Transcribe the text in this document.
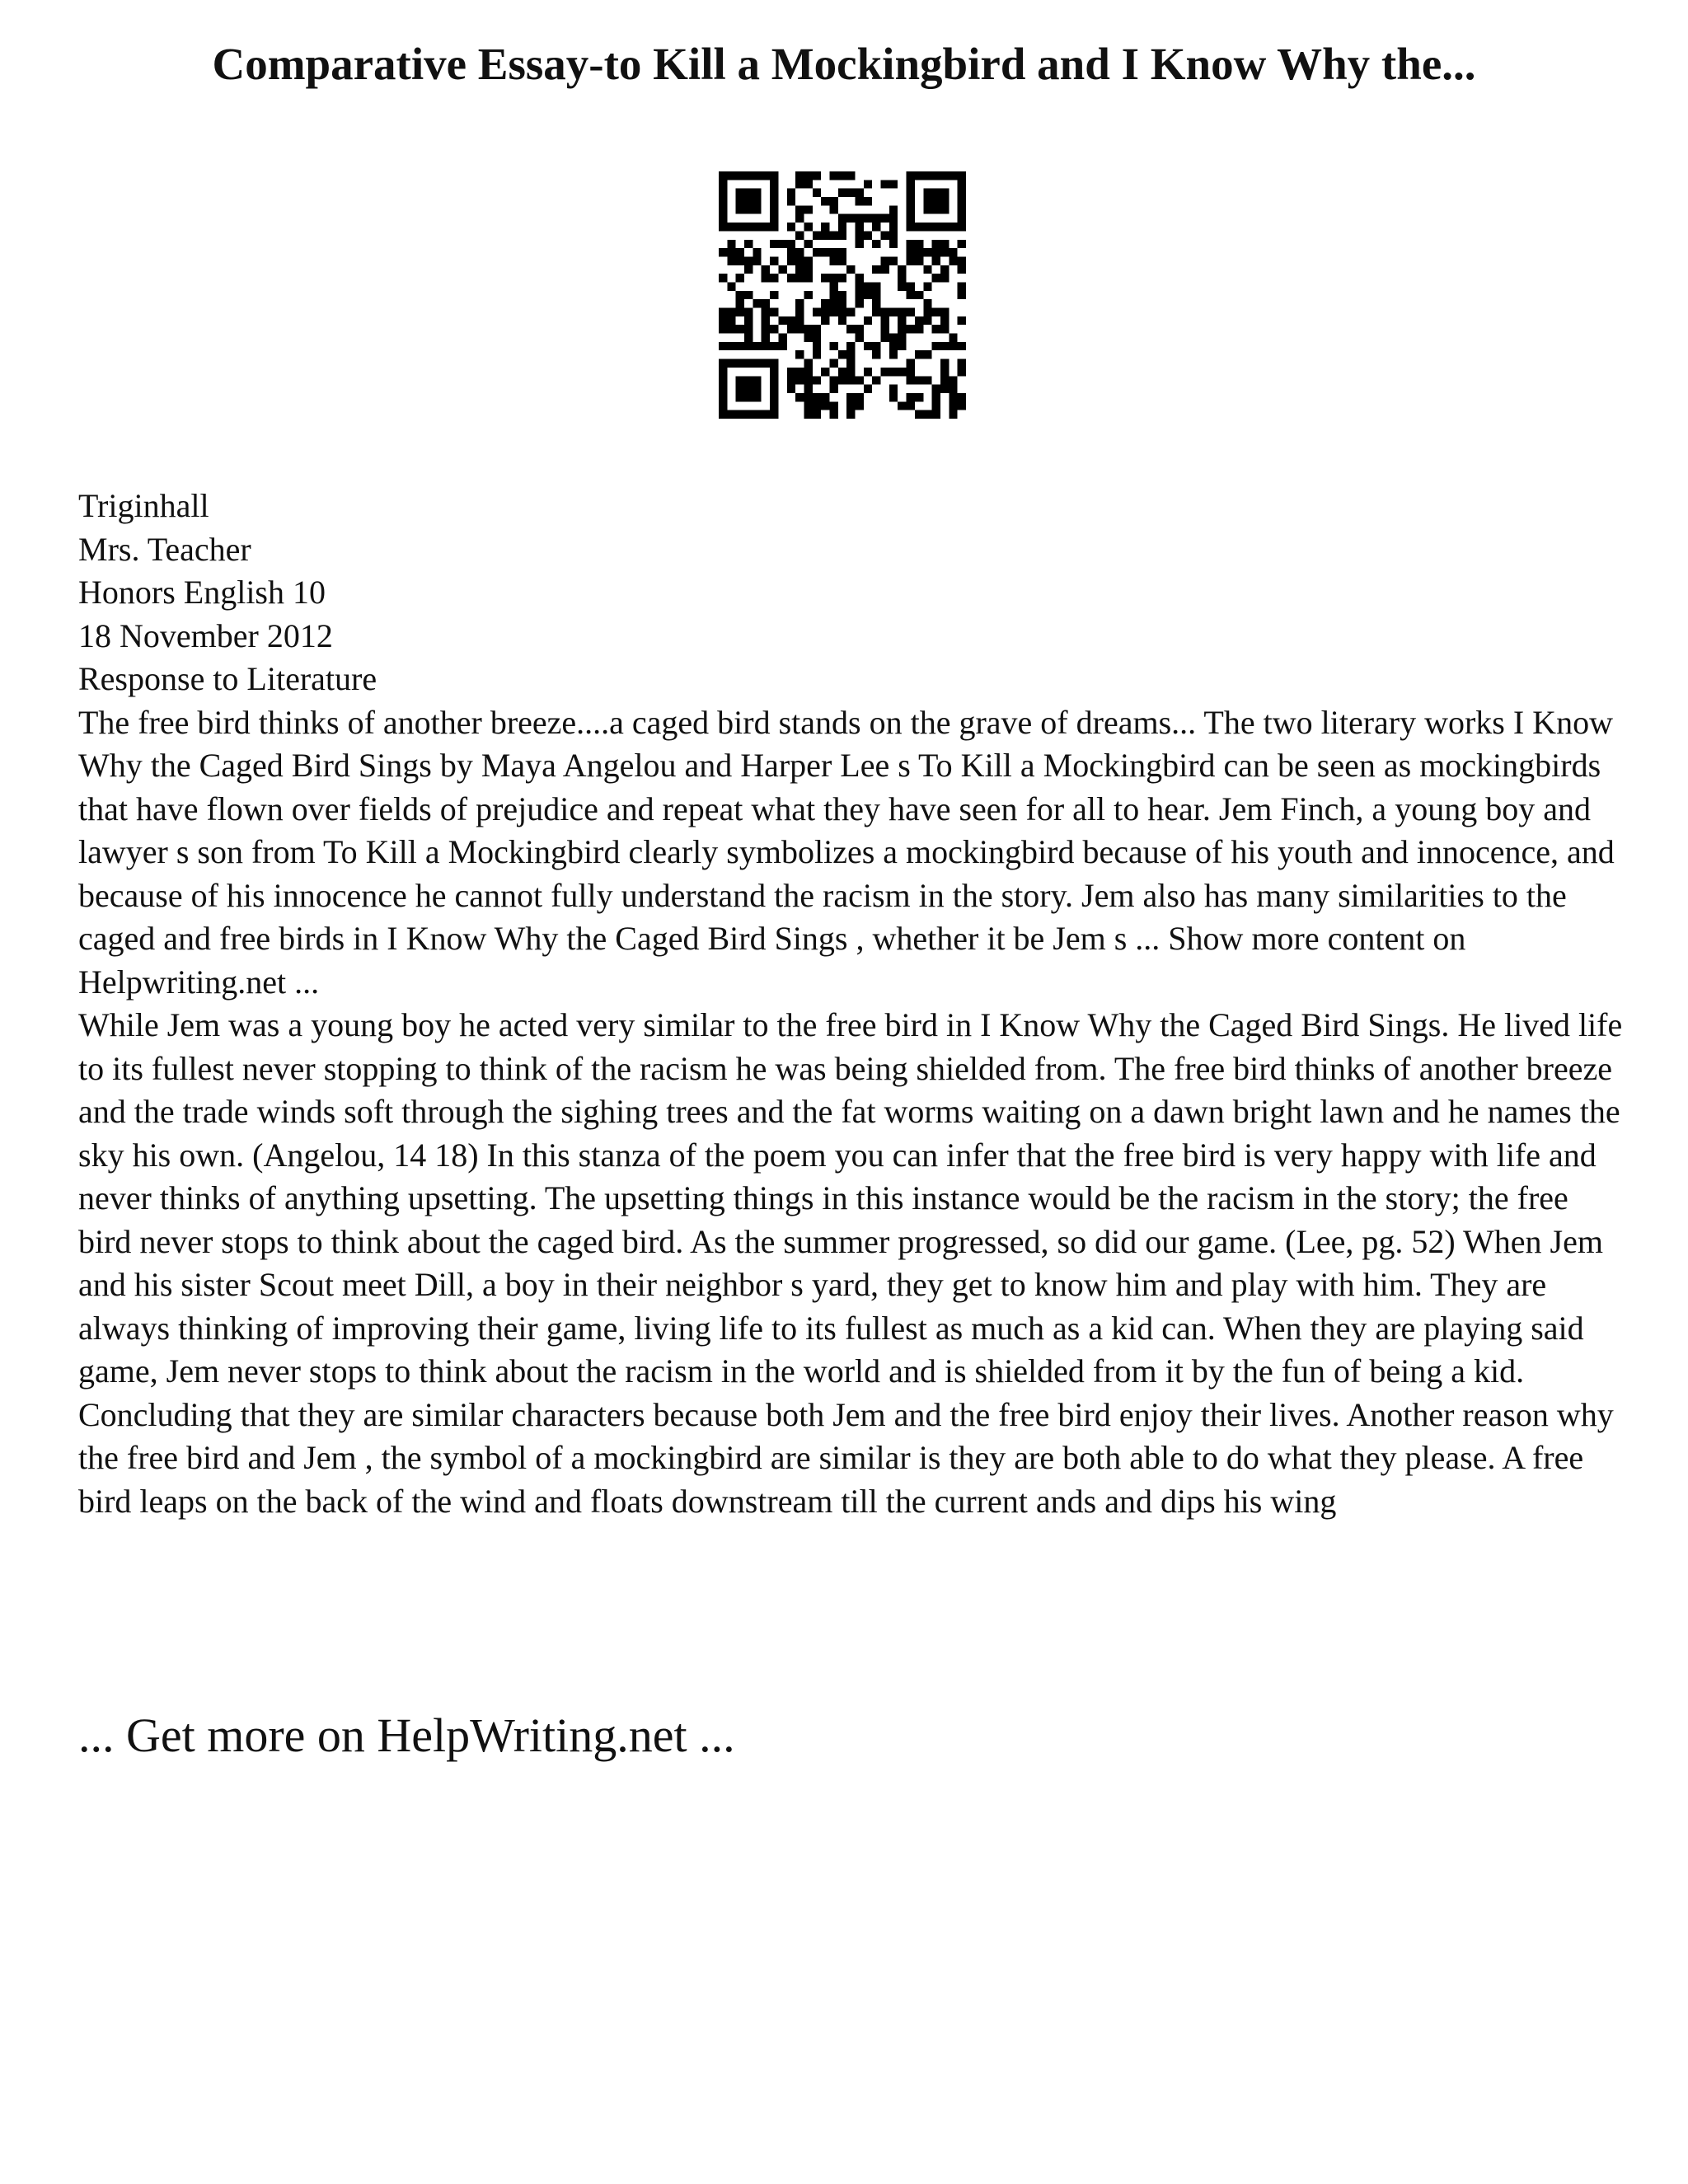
Comparative Essay-to Kill a Mockingbird and I Know Why the...
Triginhall
Mrs. Teacher
Honors English 10
18 November 2012
Response to Literature

The free bird thinks of another breeze....a caged bird stands on the grave of dreams... The two literary works I Know Why the Caged Bird Sings by Maya Angelou and Harper Lee s To Kill a Mockingbird can be seen as mockingbirds that have flown over fields of prejudice and repeat what they have seen for all to hear. Jem Finch, a young boy and lawyer s son from To Kill a Mockingbird clearly symbolizes a mockingbird because of his youth and innocence, and because of his innocence he cannot fully understand the racism in the story. Jem also has many similarities to the caged and free birds in I Know Why the Caged Bird Sings , whether it be Jem s ... Show more content on Helpwriting.net ...

While Jem was a young boy he acted very similar to the free bird in I Know Why the Caged Bird Sings. He lived life to its fullest never stopping to think of the racism he was being shielded from. The free bird thinks of another breeze and the trade winds soft through the sighing trees and the fat worms waiting on a dawn bright lawn and he names the sky his own. (Angelou, 14 18) In this stanza of the poem you can infer that the free bird is very happy with life and never thinks of anything upsetting. The upsetting things in this instance would be the racism in the story; the free bird never stops to think about the caged bird. As the summer progressed, so did our game. (Lee, pg. 52) When Jem and his sister Scout meet Dill, a boy in their neighbor s yard, they get to know him and play with him. They are always thinking of improving their game, living life to its fullest as much as a kid can. When they are playing said game, Jem never stops to think about the racism in the world and is shielded from it by the fun of being a kid. Concluding that they are similar characters because both Jem and the free bird enjoy their lives. Another reason why the free bird and Jem , the symbol of a mockingbird are similar is they are both able to do what they please. A free bird leaps on the back of the wind and floats downstream till the current ands and dips his wing

... Get more on HelpWriting.net ...
